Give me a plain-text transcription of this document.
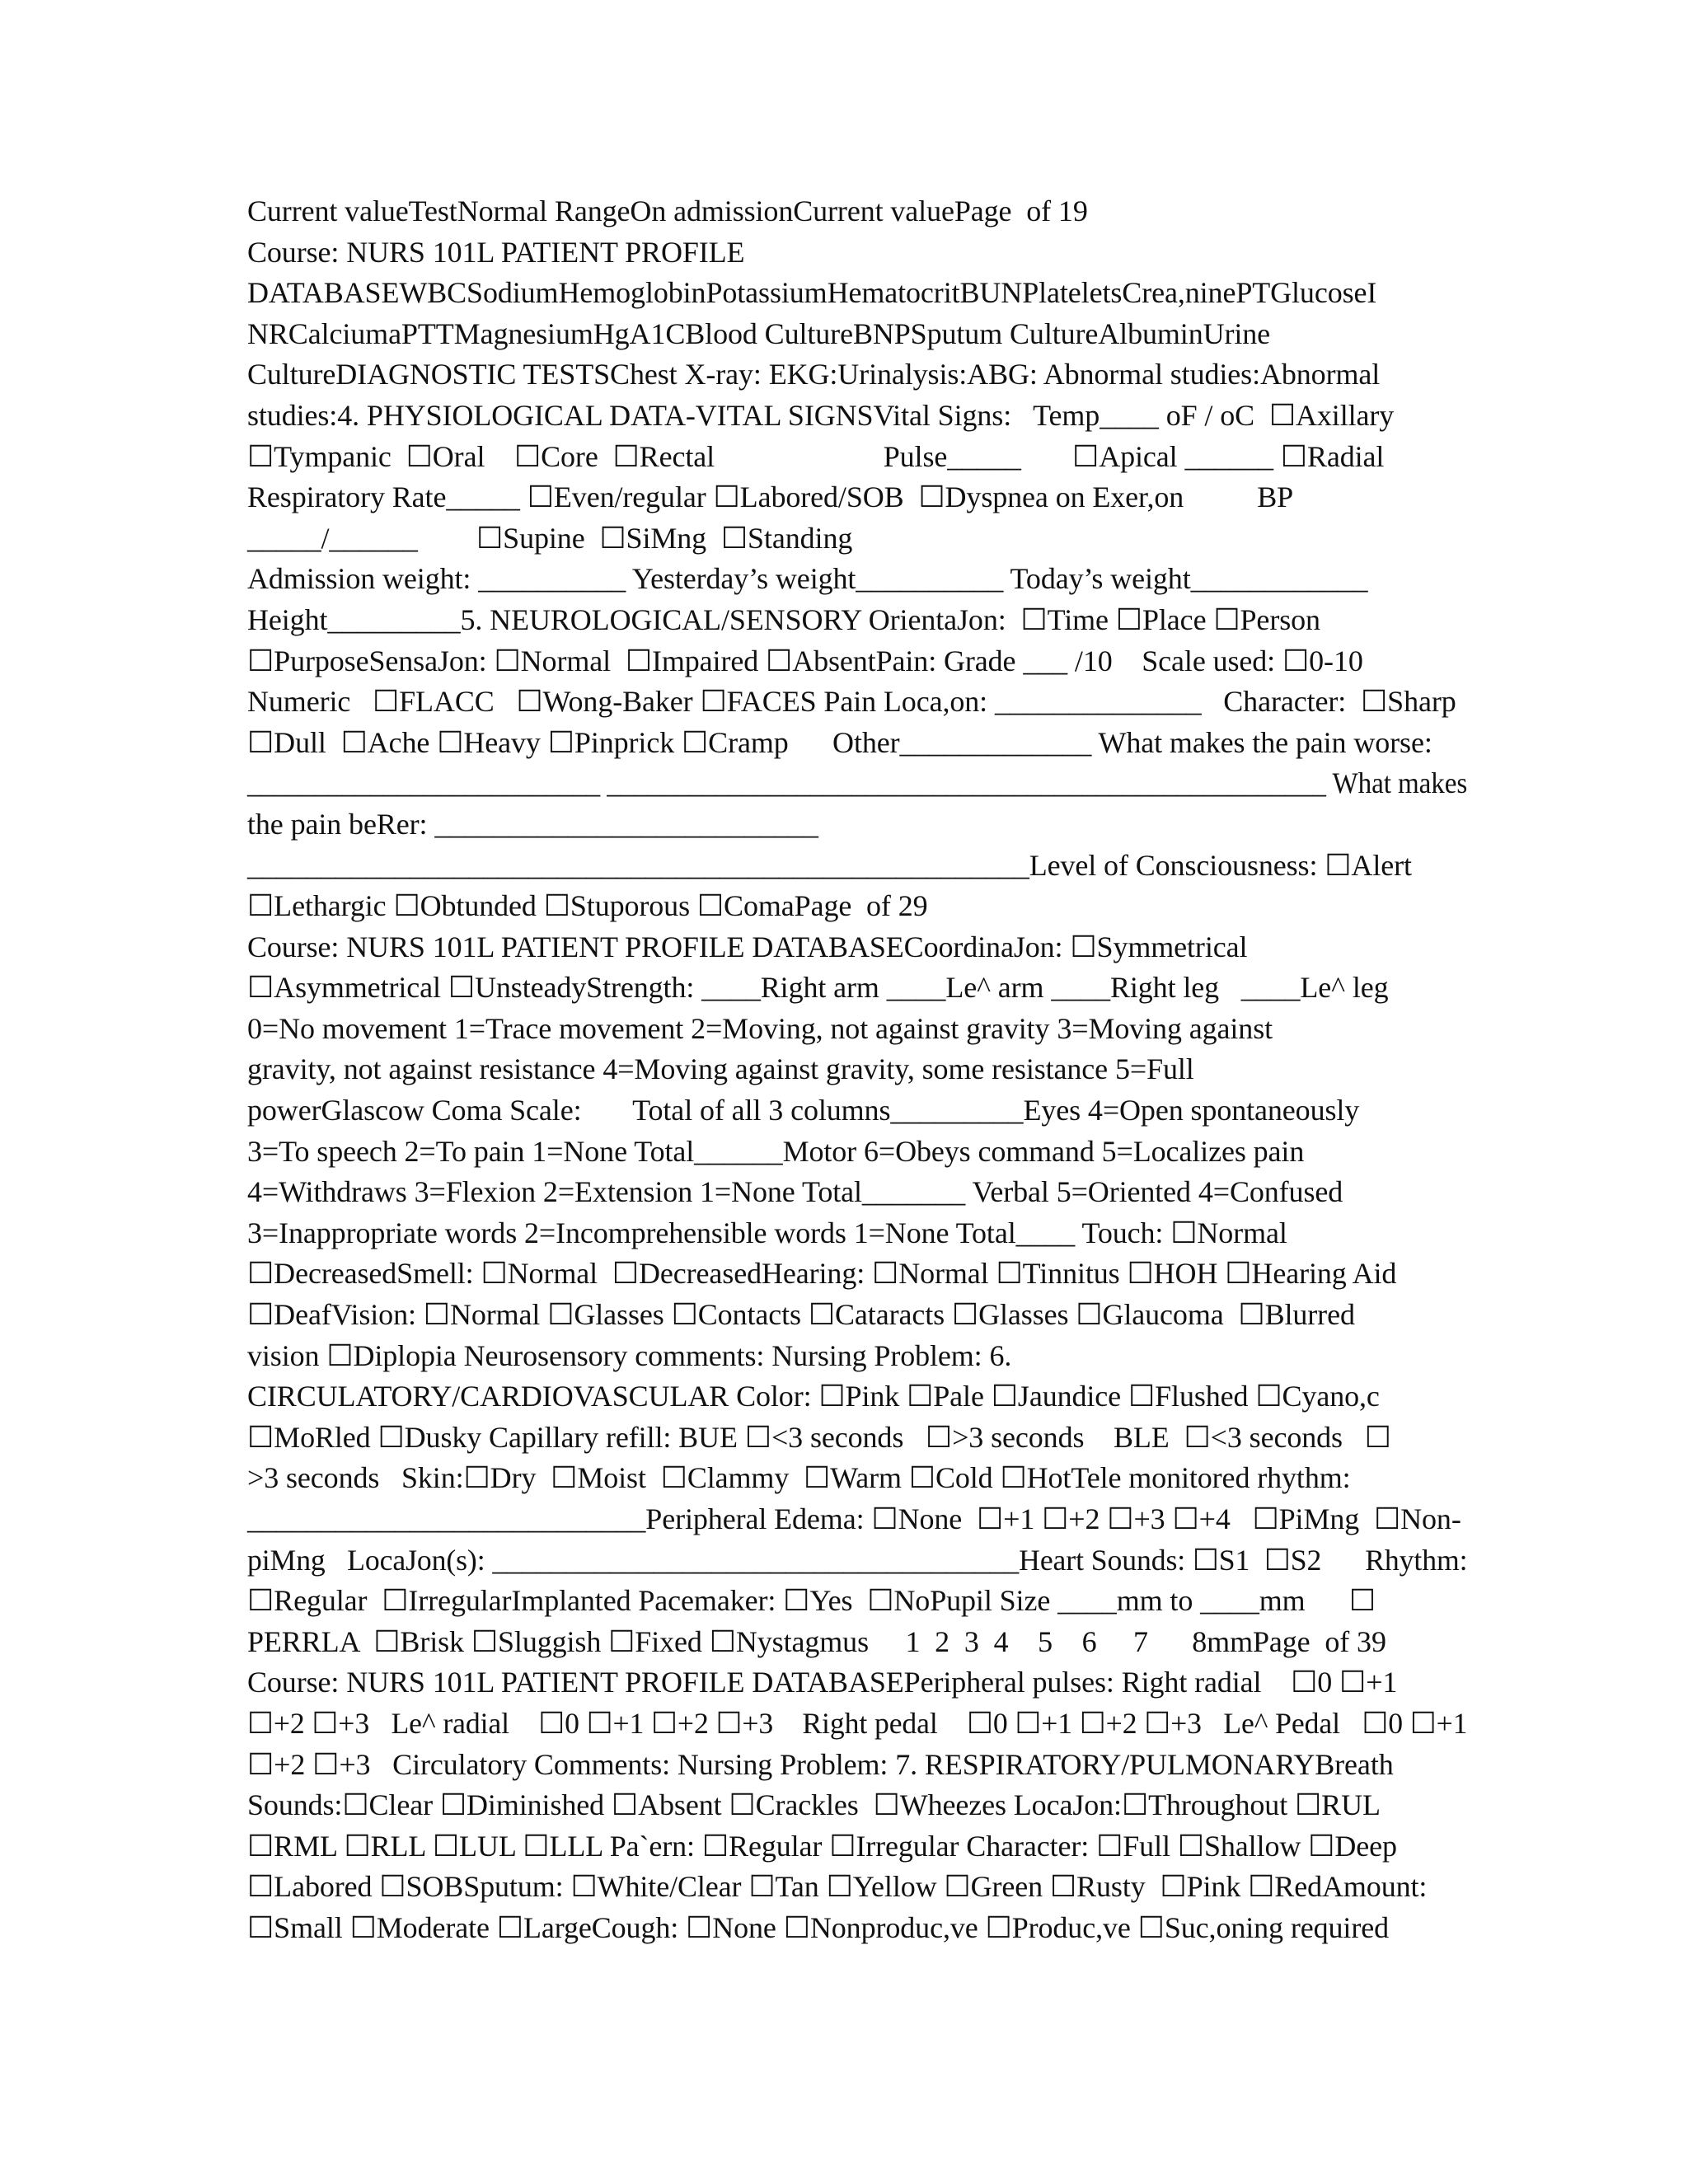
Current valueTestNormal RangeOn admissionCurrent valuePage  of 19
Course: NURS 101L PATIENT PROFILE
DATABASEWBCSodiumHemoglobinPotassiumHematocritBUNPlateletsCrea,ninePTGlucoseI
NRCalciumaPTTMagnesiumHgA1CBlood CultureBNPSputum CultureAlbuminUrine
CultureDIAGNOSTIC TESTSChest X-ray: EKG:Urinalysis:ABG: Abnormal studies:Abnormal
studies:4. PHYSIOLOGICAL DATA-VITAL SIGNSVital Signs:   Temp____ oF / oC  ☐Axillary
☐Tympanic  ☐Oral    ☐Core  ☐Rectal                       Pulse_____       ☐Apical ______ ☐Radial
Respiratory Rate_____ ☐Even/regular ☐Labored/SOB  ☐Dyspnea on Exer,on          BP
_____/______        ☐Supine  ☐SiMng  ☐Standing
Admission weight: __________ Yesterday’s weight__________ Today’s weight____________
Height_________5. NEUROLOGICAL/SENSORY OrientaJon:  ☐Time ☐Place ☐Person
☐PurposeSensaJon: ☐Normal  ☐Impaired ☐AbsentPain: Grade ___ /10    Scale used: ☐0-10
Numeric   ☐FLACC   ☐Wong-Baker ☐FACES Pain Loca,on: ______________   Character:  ☐Sharp
☐Dull  ☐Ache ☐Heavy ☐Pinprick ☐Cramp      Other_____________ What makes the pain worse:
__________________________ _____________________________________________________ What makes
the pain beRer: __________________________
_____________________________________________________Level of Consciousness: ☐Alert
☐Lethargic ☐Obtunded ☐Stuporous ☐ComaPage  of 29
Course: NURS 101L PATIENT PROFILE DATABASECoordinaJon: ☐Symmetrical
☐Asymmetrical ☐UnsteadyStrength: ____Right arm ____Le^ arm ____Right leg   ____Le^ leg
0=No movement 1=Trace movement 2=Moving, not against gravity 3=Moving against
gravity, not against resistance 4=Moving against gravity, some resistance 5=Full
powerGlascow Coma Scale:       Total of all 3 columns_________Eyes 4=Open spontaneously
3=To speech 2=To pain 1=None Total______Motor 6=Obeys command 5=Localizes pain
4=Withdraws 3=Flexion 2=Extension 1=None Total_______ Verbal 5=Oriented 4=Confused
3=Inappropriate words 2=Incomprehensible words 1=None Total____ Touch: ☐Normal
☐DecreasedSmell: ☐Normal  ☐DecreasedHearing: ☐Normal ☐Tinnitus ☐HOH ☐Hearing Aid
☐DeafVision: ☐Normal ☐Glasses ☐Contacts ☐Cataracts ☐Glasses ☐Glaucoma  ☐Blurred
vision ☐Diplopia Neurosensory comments: Nursing Problem: 6.
CIRCULATORY/CARDIOVASCULAR Color: ☐Pink ☐Pale ☐Jaundice ☐Flushed ☐Cyano,c
☐MoRled ☐Dusky Capillary refill: BUE ☐<3 seconds   ☐>3 seconds    BLE  ☐<3 seconds   ☐
>3 seconds   Skin:☐Dry  ☐Moist  ☐Clammy  ☐Warm ☐Cold ☐HotTele monitored rhythm:
___________________________Peripheral Edema: ☐None  ☐+1 ☐+2 ☐+3 ☐+4   ☐PiMng  ☐Non-
piMng   LocaJon(s): ____________________________________Heart Sounds: ☐S1  ☐S2      Rhythm:
☐Regular  ☐IrregularImplanted Pacemaker: ☐Yes  ☐NoPupil Size ____mm to ____mm      ☐
PERRLA  ☐Brisk ☐Sluggish ☐Fixed ☐Nystagmus     1  2  3  4    5    6     7      8mmPage  of 39
Course: NURS 101L PATIENT PROFILE DATABASEPeripheral pulses: Right radial    ☐0 ☐+1
☐+2 ☐+3   Le^ radial    ☐0 ☐+1 ☐+2 ☐+3    Right pedal    ☐0 ☐+1 ☐+2 ☐+3   Le^ Pedal   ☐0 ☐+1
☐+2 ☐+3   Circulatory Comments: Nursing Problem: 7. RESPIRATORY/PULMONARYBreath
Sounds:☐Clear ☐Diminished ☐Absent ☐Crackles  ☐Wheezes LocaJon:☐Throughout ☐RUL
☐RML ☐RLL ☐LUL ☐LLL Pa`ern: ☐Regular ☐Irregular Character: ☐Full ☐Shallow ☐Deep
☐Labored ☐SOBSputum: ☐White/Clear ☐Tan ☐Yellow ☐Green ☐Rusty  ☐Pink ☐RedAmount:
☐Small ☐Moderate ☐LargeCough: ☐None ☐Nonproduc,ve ☐Produc,ve ☐Suc,oning required
